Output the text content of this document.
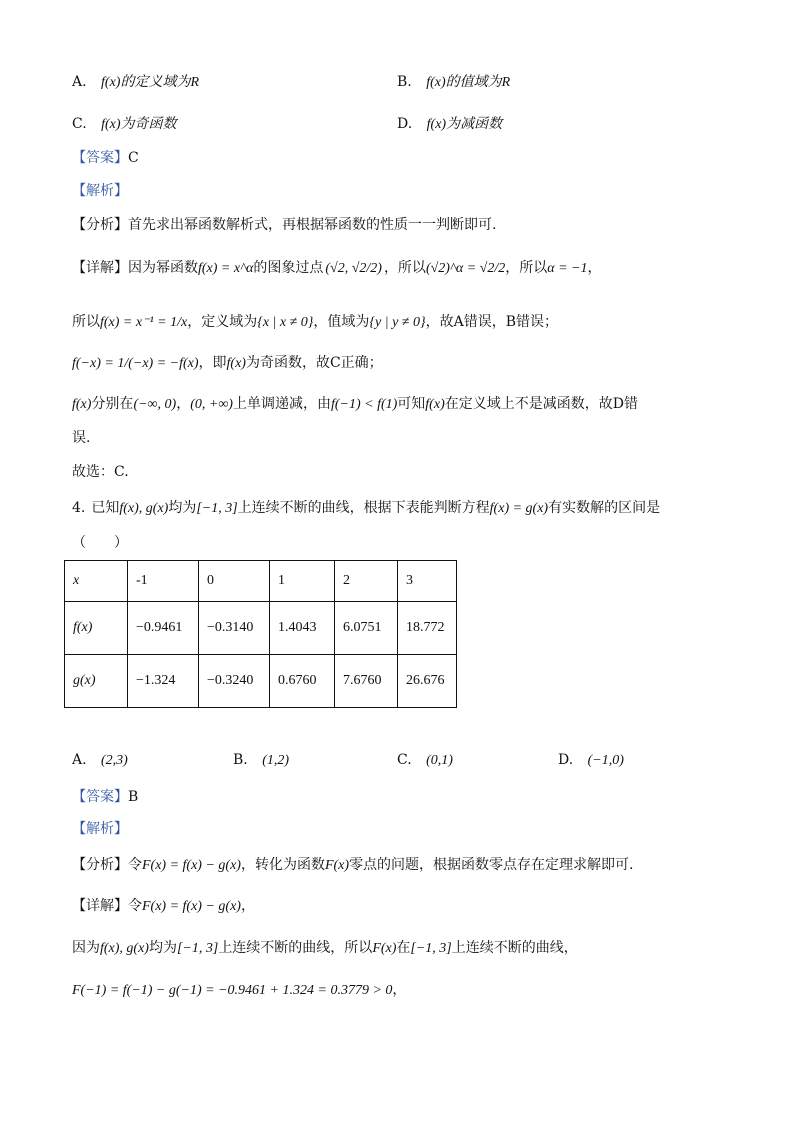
A. f(x)的定义域为R	B. f(x)的值域为R
C. f(x)为奇函数	D. f(x)为减函数
【答案】C
【解析】
【分析】首先求出幂函数解析式，再根据幂函数的性质一一判断即可.
【详解】因为幂函数f(x) = x^α的图象过点 (√2, √2/2) ，所以(√2)^α = √2/2，所以α = −1，
所以f(x) = x⁻¹ = 1/x，定义域为{x | x ≠ 0}，值域为{y | y ≠ 0}，故A错误，B错误；
f(−x) = 1/(−x) = −f(x)，即f(x)为奇函数，故C正确；
f(x)分别在(−∞, 0)，(0, +∞)上单调递减，由f(−1) < f(1)可知f(x)在定义域上不是减函数，故D错
误.
故选：C.
4. 已知f(x), g(x)均为[−1, 3]上连续不断的曲线，根据下表能判断方程f(x) = g(x)有实数解的区间是
（　　）
x	-1	0	1	2	3
f(x)	−0.9461	−0.3140	1.4043	6.0751	18.772
g(x)	−1.324	−0.3240	0.6760	7.6760	26.676
A. (2,3)	B. (1,2)	C. (0,1)	D. (−1,0)
【答案】B
【解析】
【分析】令F(x) = f(x) − g(x)，转化为函数F(x)零点的问题，根据函数零点存在定理求解即可.
【详解】令F(x) = f(x) − g(x)，
因为f(x), g(x)均为[−1, 3]上连续不断的曲线，所以F(x)在[−1, 3]上连续不断的曲线，
F(−1) = f(−1) − g(−1) = −0.9461 + 1.324 = 0.3779 > 0，
